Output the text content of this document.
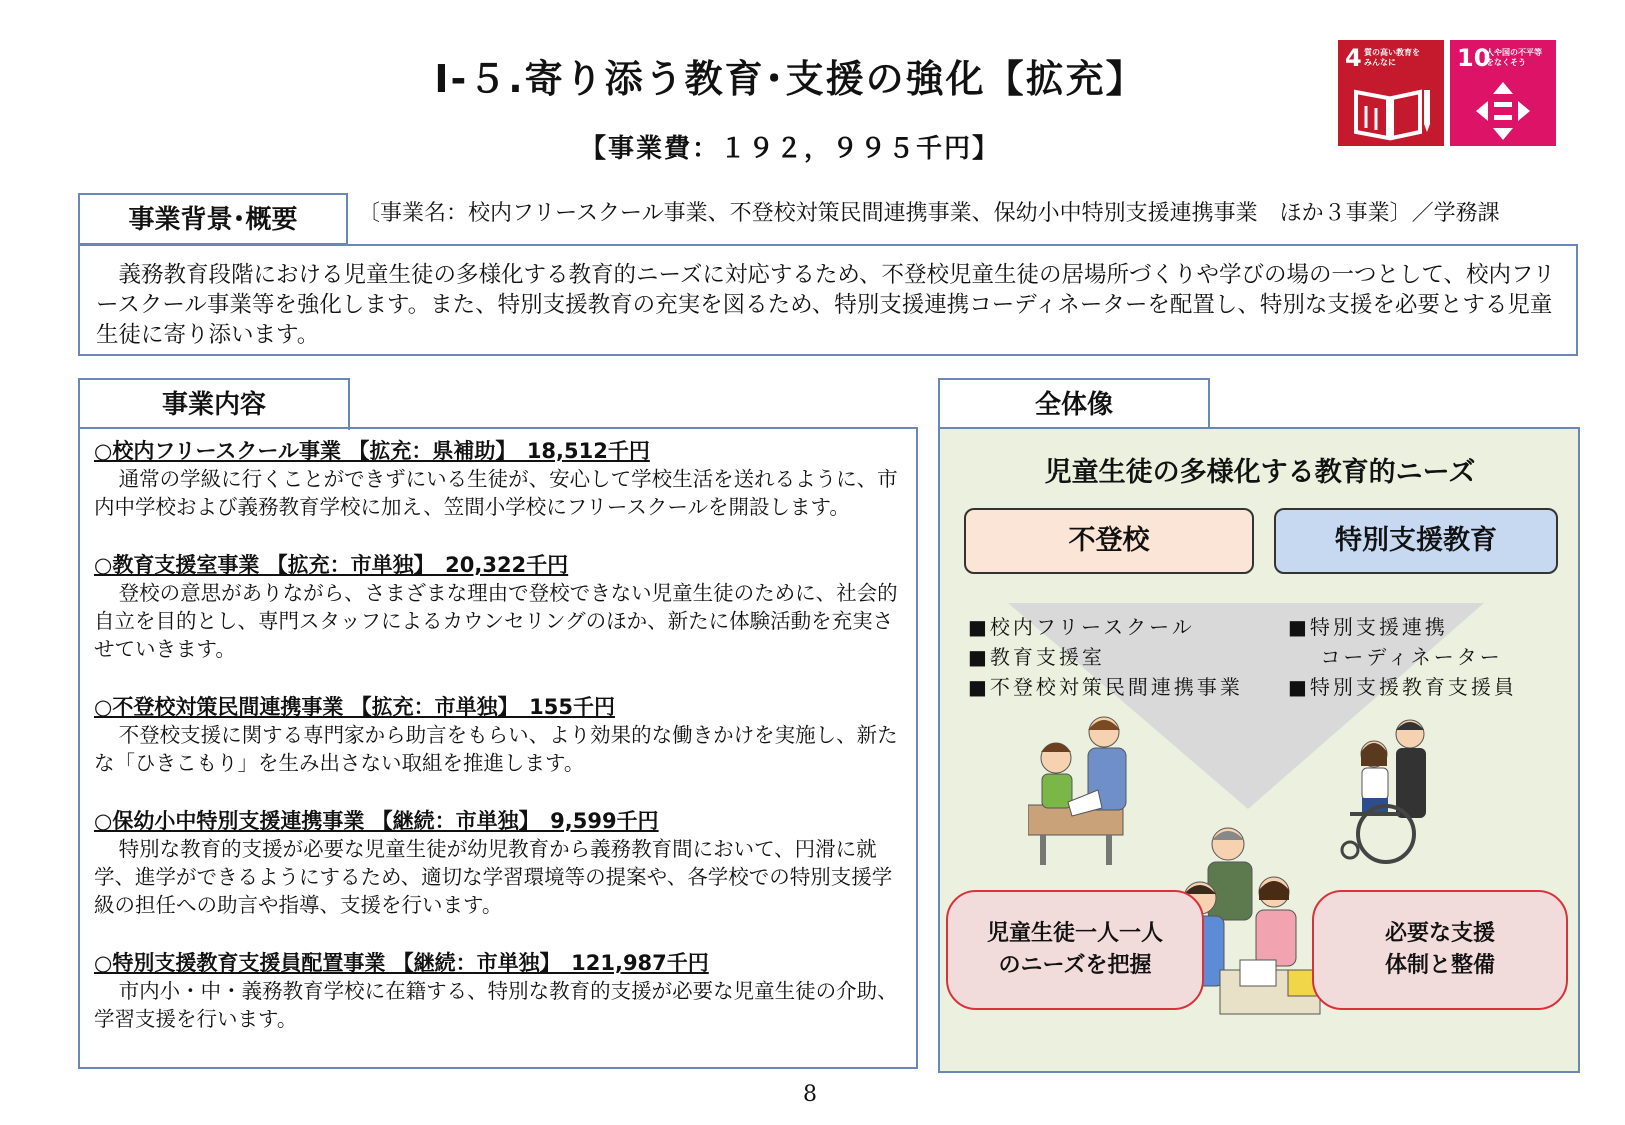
Ⅰ-５.寄り添う教育･支援の強化【拡充】
【事業費：１９２，９９５千円】
4 質の高い教育を
みんなに	10
人や国の不平等
をなくそう
事業背景･概要	〔事業名：校内フリースクール事業、不登校対策民間連携事業、保幼小中特別支援連携事業　ほか３事業〕／学務課
義務教育段階における児童生徒の多様化する教育的ニーズに対応するため、不登校児童生徒の居場所づくりや学びの場の一つとして、校内フリースクール事業等を強化します。また、特別支援教育の充実を図るため、特別支援連携コーディネーターを配置し、特別な支援を必要とする児童生徒に寄り添います。
事業内容
○校内フリースクール事業 【拡充：県補助】　18,512千円
通常の学級に行くことができずにいる生徒が、安心して学校生活を送れるように、市内中学校および義務教育学校に加え、笠間小学校にフリースクールを開設します。
○教育支援室事業 【拡充：市単独】　20,322千円
登校の意思がありながら、さまざまな理由で登校できない児童生徒のために、社会的自立を目的とし、専門スタッフによるカウンセリングのほか、新たに体験活動を充実させていきます。
○不登校対策民間連携事業 【拡充：市単独】　155千円
不登校支援に関する専門家から助言をもらい、より効果的な働きかけを実施し、新たな「ひきこもり」を生み出さない取組を推進します。
○保幼小中特別支援連携事業 【継続：市単独】　9,599千円
特別な教育的支援が必要な児童生徒が幼児教育から義務教育間において、円滑に就学、進学ができるようにするため、適切な学習環境等の提案や、各学校での特別支援学級の担任への助言や指導、支援を行います。
○特別支援教育支援員配置事業 【継続：市単独】　121,987千円
市内小・中・義務教育学校に在籍する、特別な教育的支援が必要な児童生徒の介助、学習支援を行います。
全体像
児童生徒の多様化する教育的ニーズ
不登校	特別支援教育
■校内フリースクール
■教育支援室
■不登校対策民間連携事業
■特別支援連携
　 コーディネーター
■特別支援教育支援員
児童生徒一人一人
のニーズを把握
必要な支援
体制と整備
8
